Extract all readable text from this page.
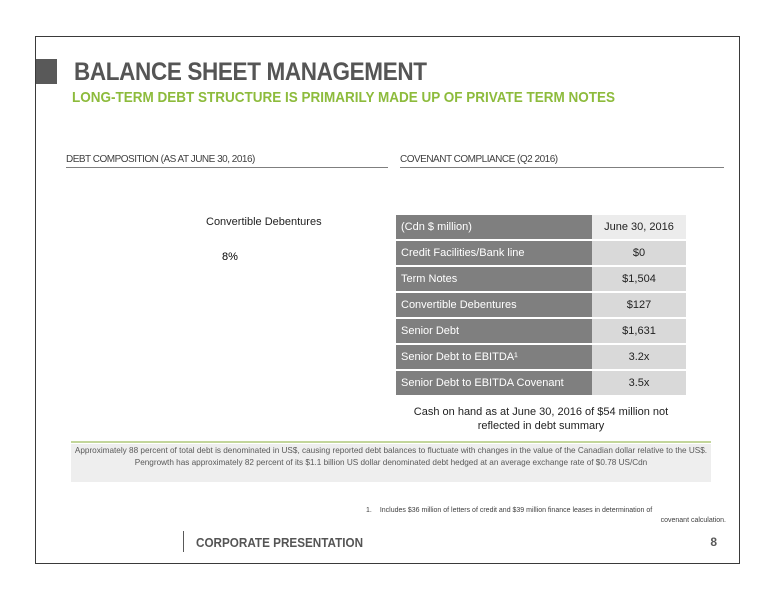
BALANCE SHEET MANAGEMENT
LONG-TERM DEBT STRUCTURE IS PRIMARILY MADE UP OF PRIVATE TERM NOTES
DEBT COMPOSITION (AS AT JUNE 30, 2016)	COVENANT COMPLIANCE (Q2 2016)
Convertible Debentures
8%
(Cdn $ million)	June 30, 2016
Credit Facilities/Bank line	$0
Term Notes	$1,504
Convertible Debentures	$127
Senior Debt	$1,631
Senior Debt to EBITDA¹	3.2x
Senior Debt to EBITDA Covenant	3.5x
Cash on hand as at June 30, 2016 of $54 million not reflected in debt summary
Approximately 88 percent of total debt is denominated in US$, causing reported debt balances to fluctuate with changes in the value of the Canadian dollar relative to the US$. Pengrowth has approximately 82 percent of its $1.1 billion US dollar denominated debt hedged at an average exchange rate of $0.78 US/Cdn
1. Includes $36 million of letters of credit and $39 million finance leases in determination of
covenant calculation.
CORPORATE PRESENTATION	8
